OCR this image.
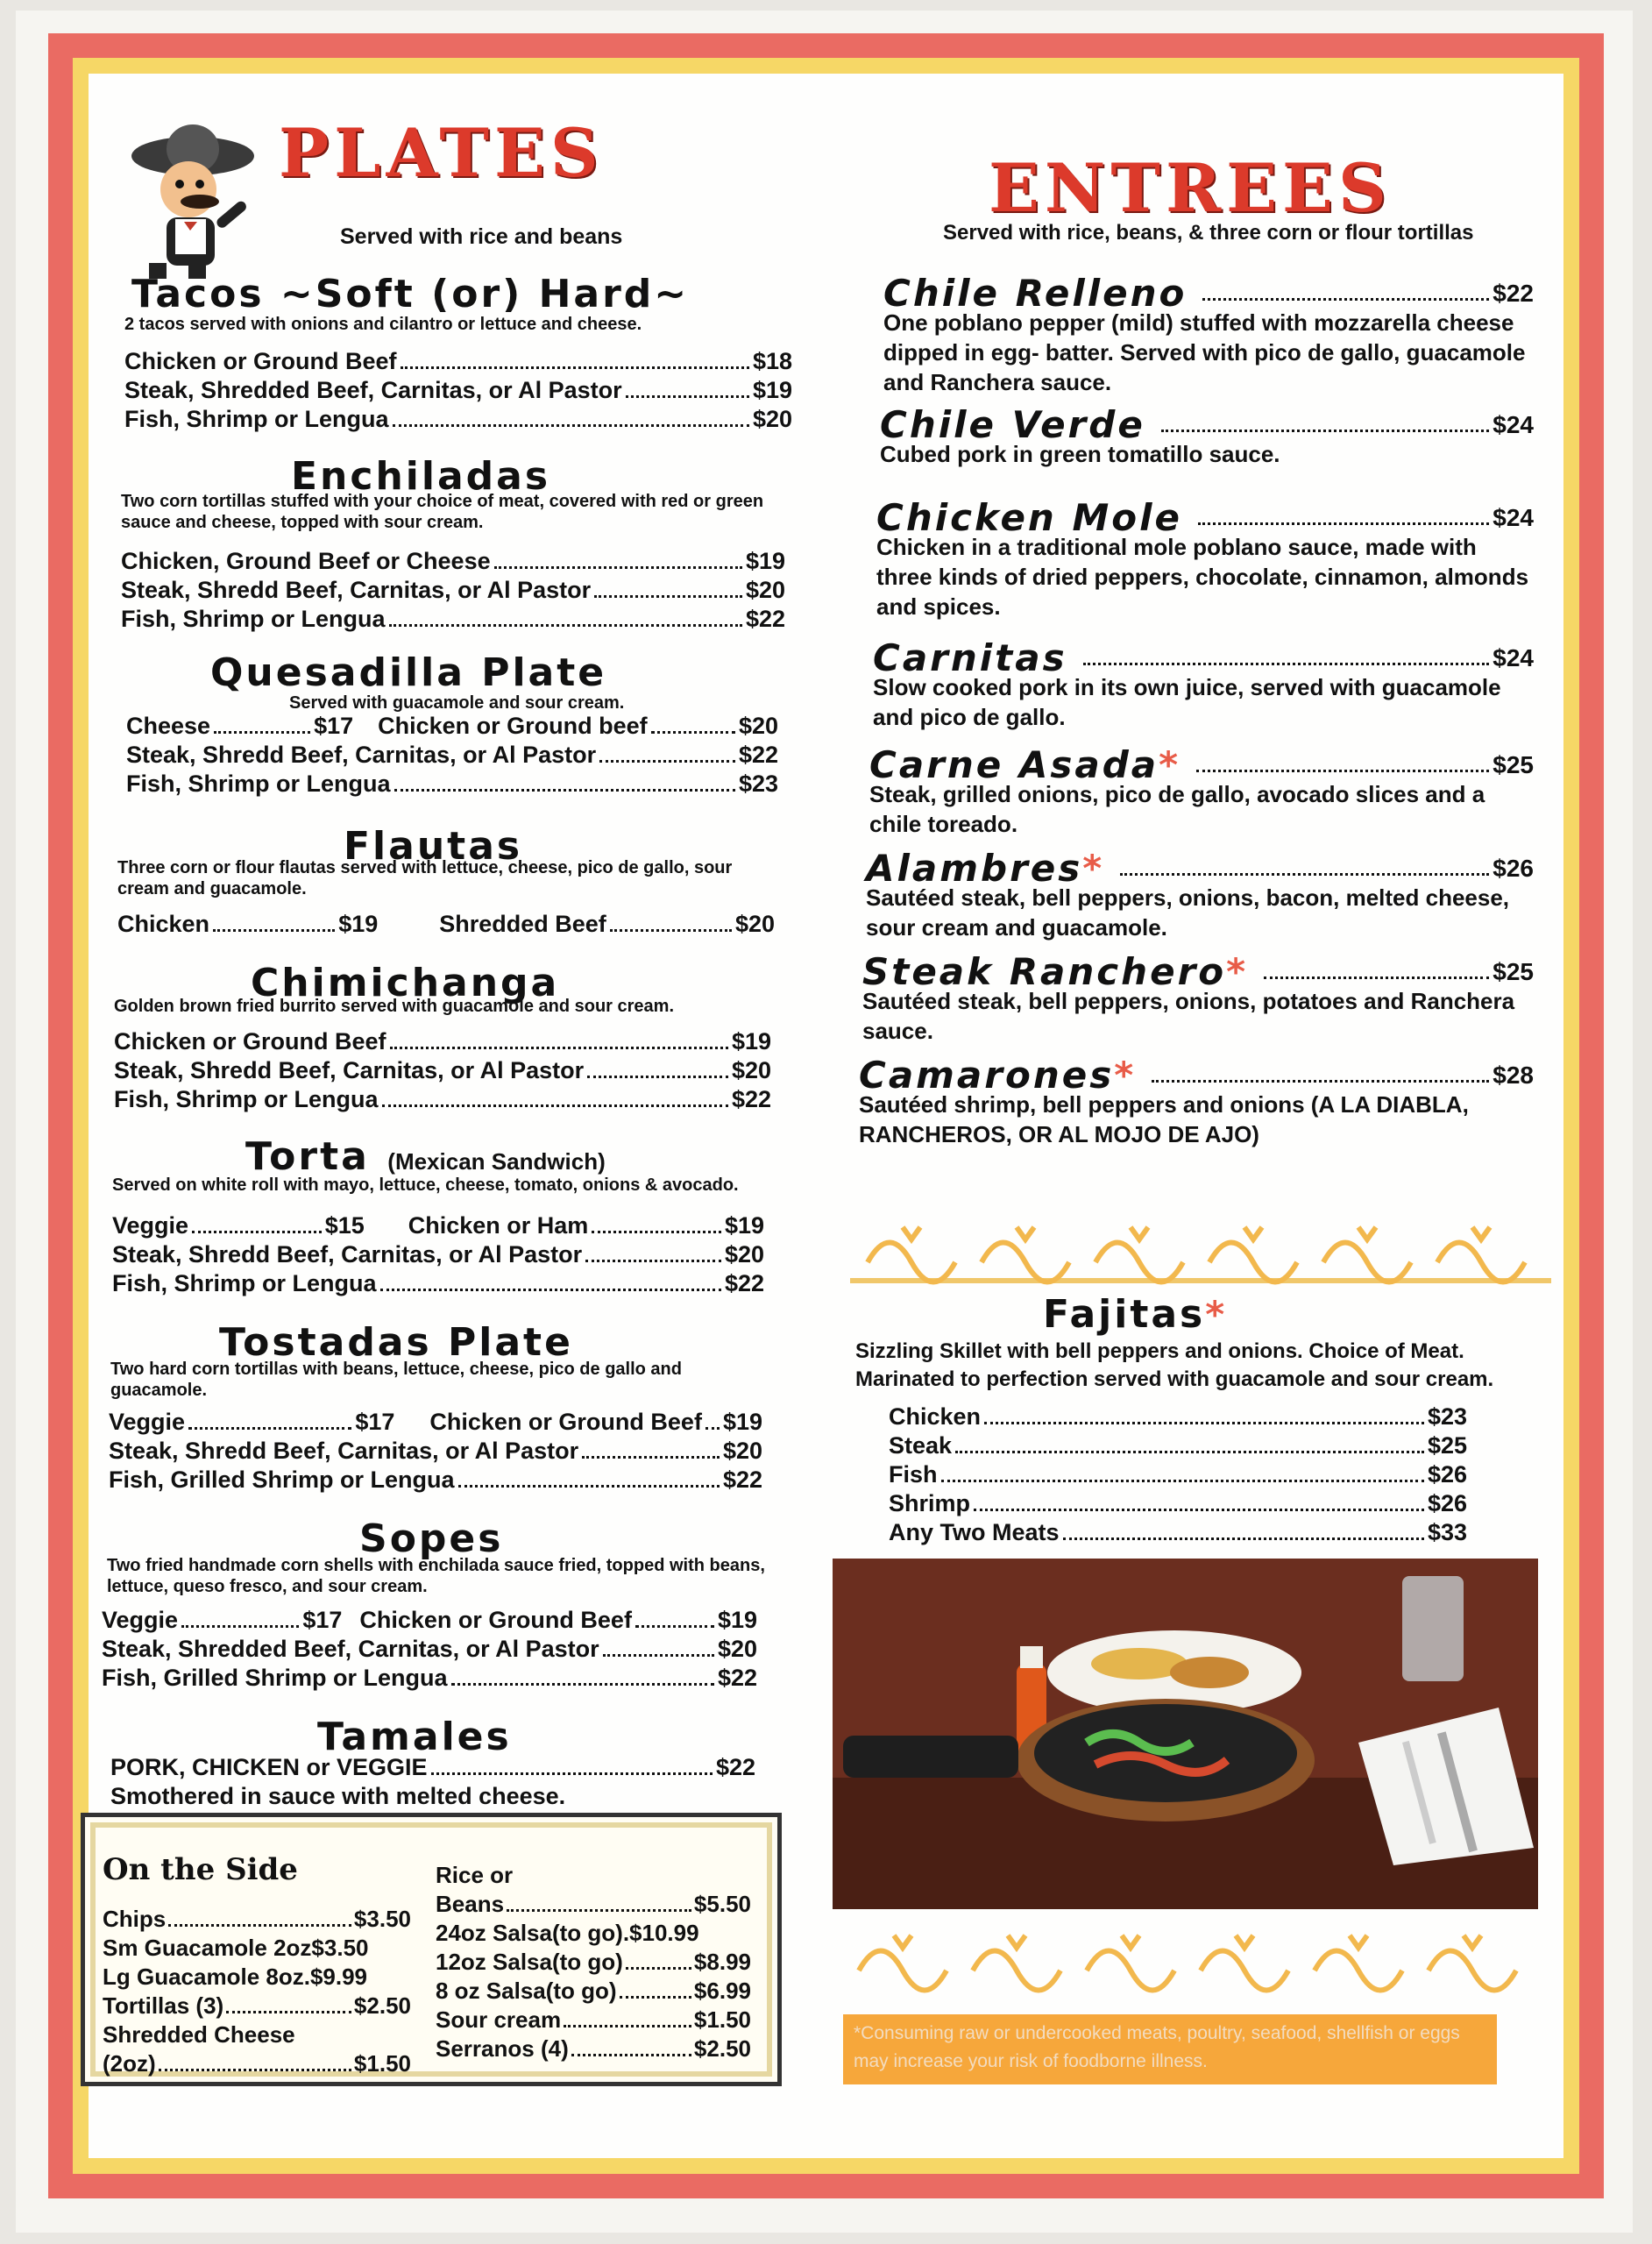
PLATES
Served with rice and beans
Tacos ~Soft (or) Hard~
2 tacos served with onions and cilantro or lettuce and cheese.
Chicken or Ground Beef	$18
Steak, Shredded Beef, Carnitas, or Al Pastor	$19
Fish, Shrimp or Lengua	$20
Enchiladas
Two corn tortillas stuffed with your choice of meat, covered with red or green sauce and cheese, topped with sour cream.
Chicken, Ground Beef or Cheese	$19
Steak, Shredd Beef, Carnitas, or Al Pastor	$20
Fish, Shrimp or Lengua	$22
Quesadilla Plate
Served with guacamole and sour cream.
Cheese	$17 Chicken or Ground beef	$20
Steak, Shredd Beef, Carnitas, or Al Pastor	$22
Fish, Shrimp or Lengua	$23
Flautas
Three corn or flour flautas served with lettuce, cheese, pico de gallo, sour cream and guacamole.
Chicken	$19	Shredded Beef	$20
Chimichanga
Golden brown fried burrito served with guacamole and sour cream.
Chicken or Ground Beef	$19
Steak, Shredd Beef, Carnitas, or Al Pastor	$20
Fish, Shrimp or Lengua	$22
Torta (Mexican Sandwich)
Served on white roll with mayo, lettuce, cheese, tomato, onions & avocado.
Veggie	$15 Chicken or Ham	$19
Steak, Shredd Beef, Carnitas, or Al Pastor	$20
Fish, Shrimp or Lengua	$22
Tostadas Plate
Two hard corn tortillas with beans, lettuce, cheese, pico de gallo and guacamole.
Veggie	$17 Chicken or Ground Beef $19
Steak, Shredd Beef, Carnitas, or Al Pastor	$20
Fish, Grilled Shrimp or Lengua	$22
Sopes
Two fried handmade corn shells with enchilada sauce fried, topped with beans, lettuce, queso fresco, and sour cream.
Veggie	$17 Chicken or Ground Beef	$19
Steak, Shredded Beef, Carnitas, or Al Pastor	$20
Fish, Grilled Shrimp or Lengua	$22
Tamales
PORK, CHICKEN or VEGGIE	$22
Smothered in sauce with melted cheese.
On the Side
Chips	$3.50
Sm Guacamole 2oz $3.50
Lg Guacamole 8oz. $9.99
Tortillas (3)	$2.50
Shredded Cheese
(2oz)	$1.50
Rice or
Beans	$5.50
24oz Salsa(to go). $10.99
12oz Salsa(to go)	$8.99
8 oz Salsa(to go)	$6.99
Sour cream	$1.50
Serranos (4)	$2.50
ENTREES
Served with rice, beans, & three corn or flour tortillas
Chile Relleno	$22
One poblano pepper (mild) stuffed with mozzarella cheese dipped in egg- batter. Served with pico de gallo, guacamole and Ranchera sauce.
Chile Verde	$24
Cubed pork in green tomatillo sauce.
Chicken Mole	$24
Chicken in a traditional mole poblano sauce, made with three kinds of dried peppers, chocolate, cinnamon, almonds and spices.
Carnitas	$24
Slow cooked pork in its own juice, served with guacamole and pico de gallo.
Carne Asada *	$25
Steak, grilled onions, pico de gallo, avocado slices and a chile toreado.
Alambres *	$26
Sautéed steak, bell peppers, onions, bacon, melted cheese, sour cream and guacamole.
Steak Ranchero *	$25
Sautéed steak, bell peppers, onions, potatoes and Ranchera sauce.
Camarones *	$28
Sautéed shrimp, bell peppers and onions (A LA DIABLA, RANCHEROS, OR AL MOJO DE AJO)
Fajitas*
Sizzling Skillet with bell peppers and onions. Choice of Meat. Marinated to perfection served with guacamole and sour cream.
Chicken	$23
Steak	$25
Fish	$26
Shrimp	$26
Any Two Meats	$33
*Consuming raw or undercooked meats, poultry, seafood, shellfish or eggs may increase your risk of foodborne illness.
